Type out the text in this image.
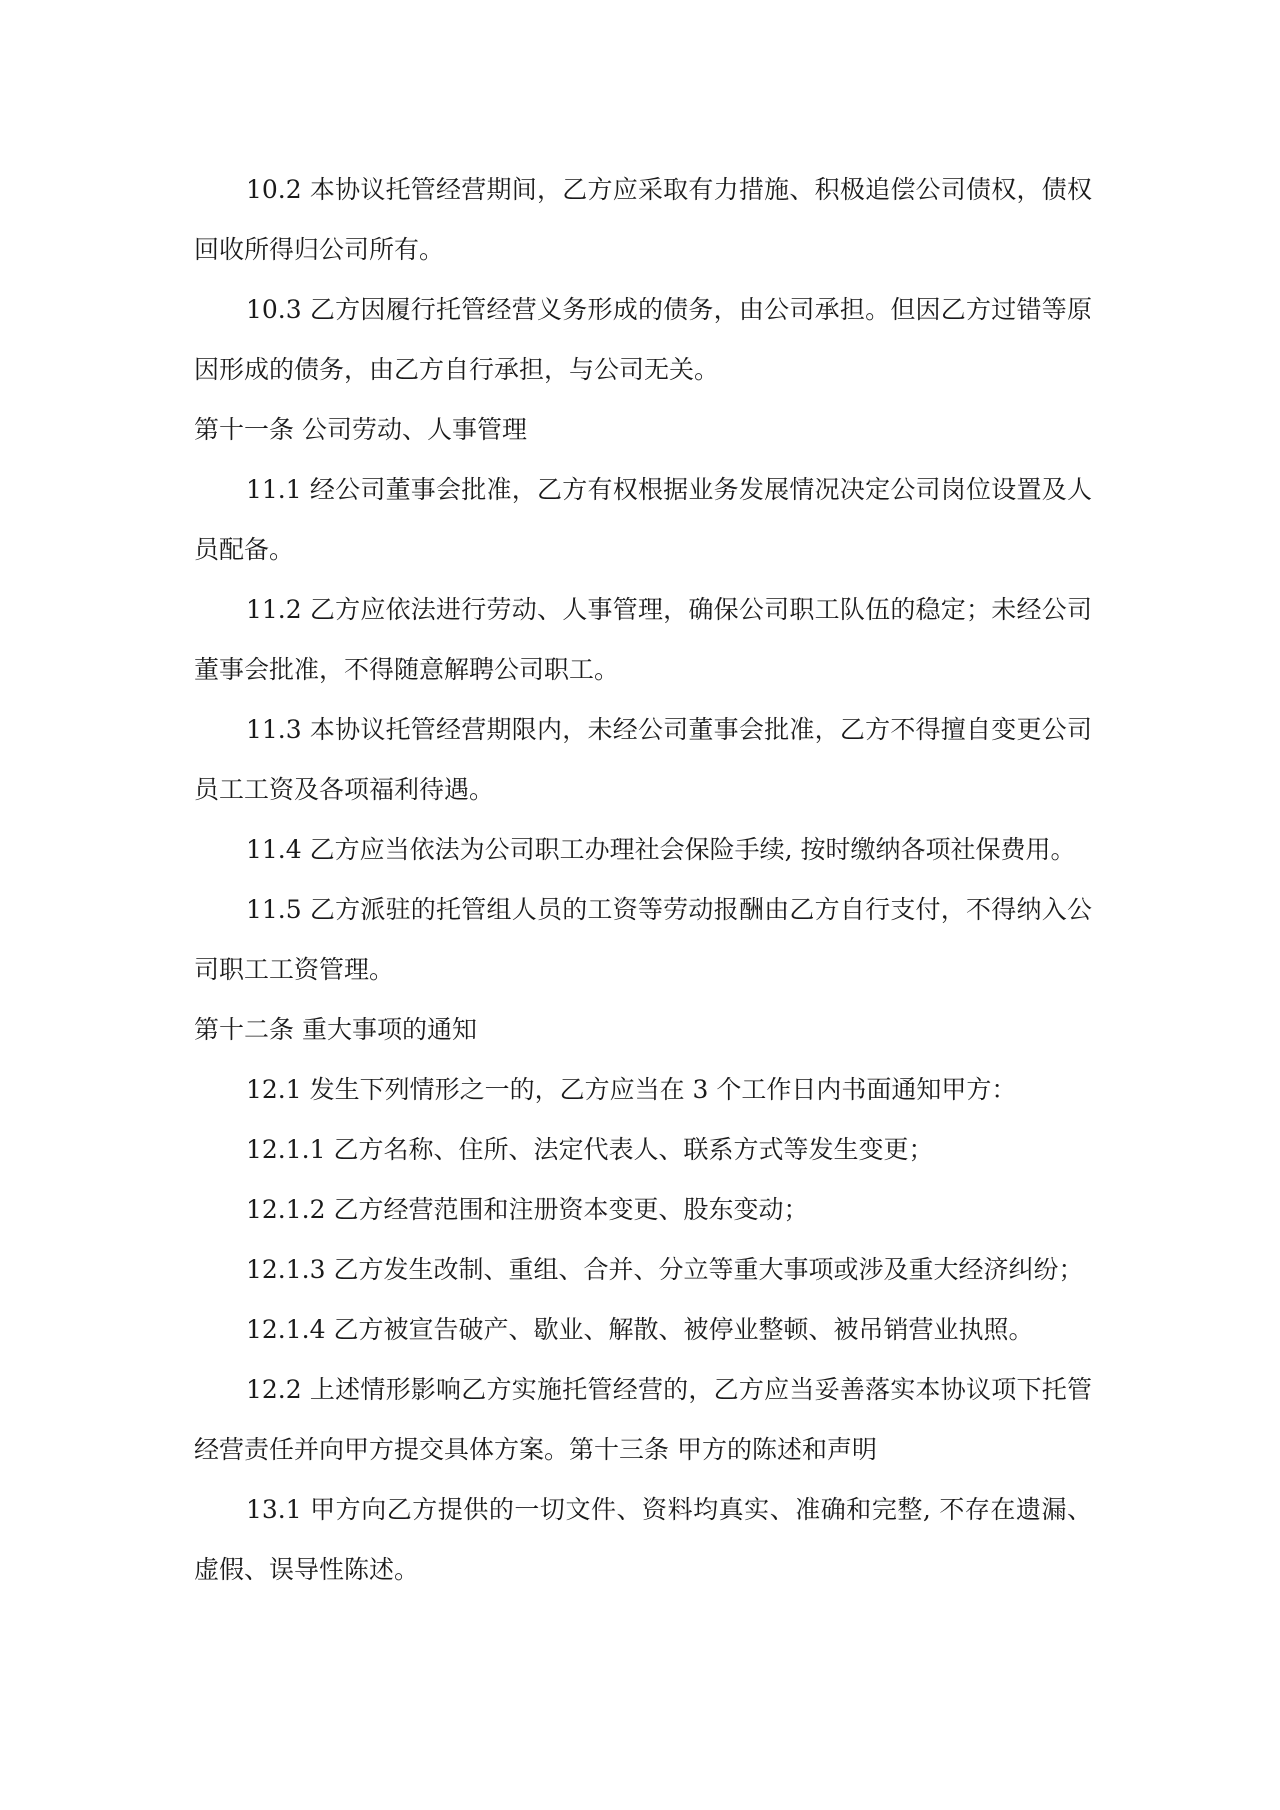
10.2 本协议托管经营期间，乙方应采取有力措施、积极追偿公司债权，债权回收所得归公司所有。

10.3 乙方因履行托管经营义务形成的债务，由公司承担。但因乙方过错等原因形成的债务，由乙方自行承担，与公司无关。

第十一条 公司劳动、人事管理

11.1 经公司董事会批准，乙方有权根据业务发展情况决定公司岗位设置及人员配备。

11.2 乙方应依法进行劳动、人事管理，确保公司职工队伍的稳定；未经公司董事会批准，不得随意解聘公司职工。

11.3 本协议托管经营期限内，未经公司董事会批准，乙方不得擅自变更公司员工工资及各项福利待遇。

11.4 乙方应当依法为公司职工办理社会保险手续, 按时缴纳各项社保费用。

11.5 乙方派驻的托管组人员的工资等劳动报酬由乙方自行支付，不得纳入公司职工工资管理。

第十二条 重大事项的通知

12.1 发生下列情形之一的，乙方应当在 3 个工作日内书面通知甲方：

12.1.1 乙方名称、住所、法定代表人、联系方式等发生变更；

12.1.2 乙方经营范围和注册资本变更、股东变动；

12.1.3 乙方发生改制、重组、合并、分立等重大事项或涉及重大经济纠纷；

12.1.4 乙方被宣告破产、歇业、解散、被停业整顿、被吊销营业执照。

12.2 上述情形影响乙方实施托管经营的，乙方应当妥善落实本协议项下托管经营责任并向甲方提交具体方案。第十三条 甲方的陈述和声明

13.1 甲方向乙方提供的一切文件、资料均真实、准确和完整, 不存在遗漏、虚假、误导性陈述。
